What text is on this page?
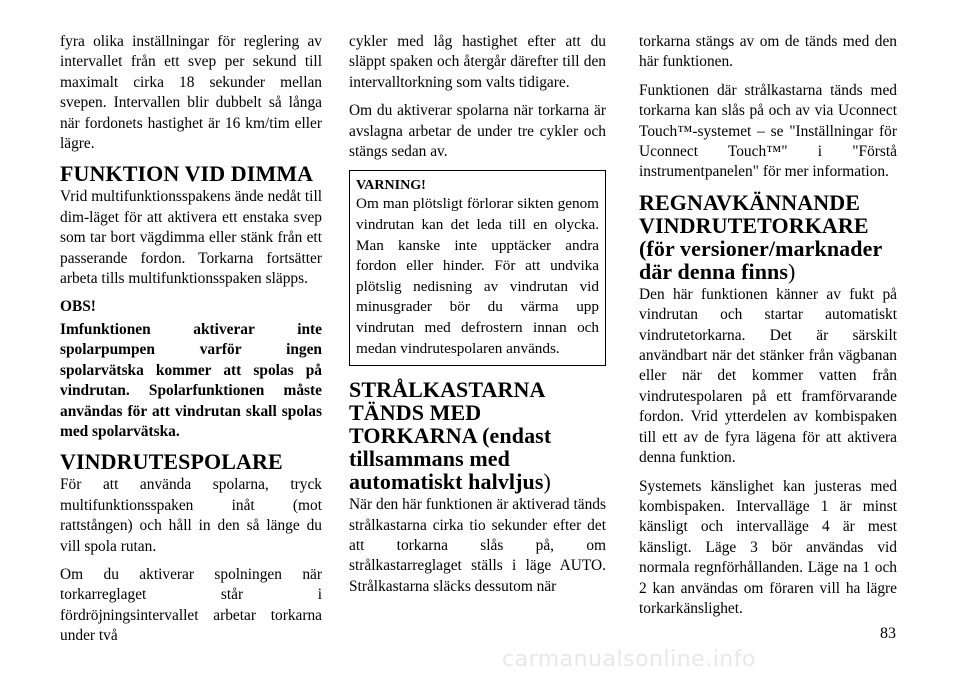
fyra olika inställningar för reglering av intervallet från ett svep per sekund till maximalt cirka 18 sekunder mellan svepen. Intervallen blir dubbelt så långa när fordonets hastighet är 16 km/tim eller lägre.

FUNKTION VID DIMMA

Vrid multifunktionsspakens ände nedåt till dim-läget för att aktivera ett enstaka svep som tar bort vägdimma eller stänk från ett passerande fordon. Torkarna fortsätter arbeta tills multifunktionsspaken släpps.

OBS!

Imfunktionen aktiverar inte spolarpumpen varför ingen spolarvätska kommer att spolas på vindrutan. Spolarfunktionen måste användas för att vindrutan skall spolas med spolarvätska.

VINDRUTESPOLARE

För att använda spolarna, tryck multifunktionsspaken inåt (mot rattstången) och håll in den så länge du vill spola rutan.

Om du aktiverar spolningen när torkarreglaget står i fördröjningsintervallet arbetar torkarna under två

cykler med låg hastighet efter att du släppt spaken och återgår därefter till den intervalltorkning som valts tidigare.

Om du aktiverar spolarna när torkarna är avslagna arbetar de under tre cykler och stängs sedan av.

VARNING!
Om man plötsligt förlorar sikten genom vindrutan kan det leda till en olycka. Man kanske inte upptäcker andra fordon eller hinder. För att undvika plötslig nedisning av vindrutan vid minusgrader bör du värma upp vindrutan med defrostern innan och medan vindrutespolaren används.
STRÅLKASTARNA TÄNDS MED TORKARNA (endast tillsammans med automatiskt halvljus)

När den här funktionen är aktiverad tänds strålkastarna cirka tio sekunder efter det att torkarna slås på, om strålkastarreglaget ställs i läge AUTO. Strålkastarna släcks dessutom när

torkarna stängs av om de tänds med den här funktionen.

Funktionen där strålkastarna tänds med torkarna kan slås på och av via Uconnect Touch™-systemet – se "Inställningar för Uconnect Touch™" i "Förstå instrumentpanelen" för mer information.

REGNAVKÄNNANDE VINDRUTETORKARE (för versioner/marknader där denna finns)

Den här funktionen känner av fukt på vindrutan och startar automatiskt vindrutetorkarna. Det är särskilt användbart när det stänker från vägbanan eller när det kommer vatten från vindrutespolaren på ett framförvarande fordon. Vrid ytterdelen av kombispaken till ett av de fyra lägena för att aktivera denna funktion.

Systemets känslighet kan justeras med kombispaken. Intervalläge 1 är minst känsligt och intervalläge 4 är mest känsligt. Läge 3 bör användas vid normala regnförhållanden. Läge na 1 och 2 kan användas om föraren vill ha lägre torkarkänslighet.

83
carmanualsonline.info
